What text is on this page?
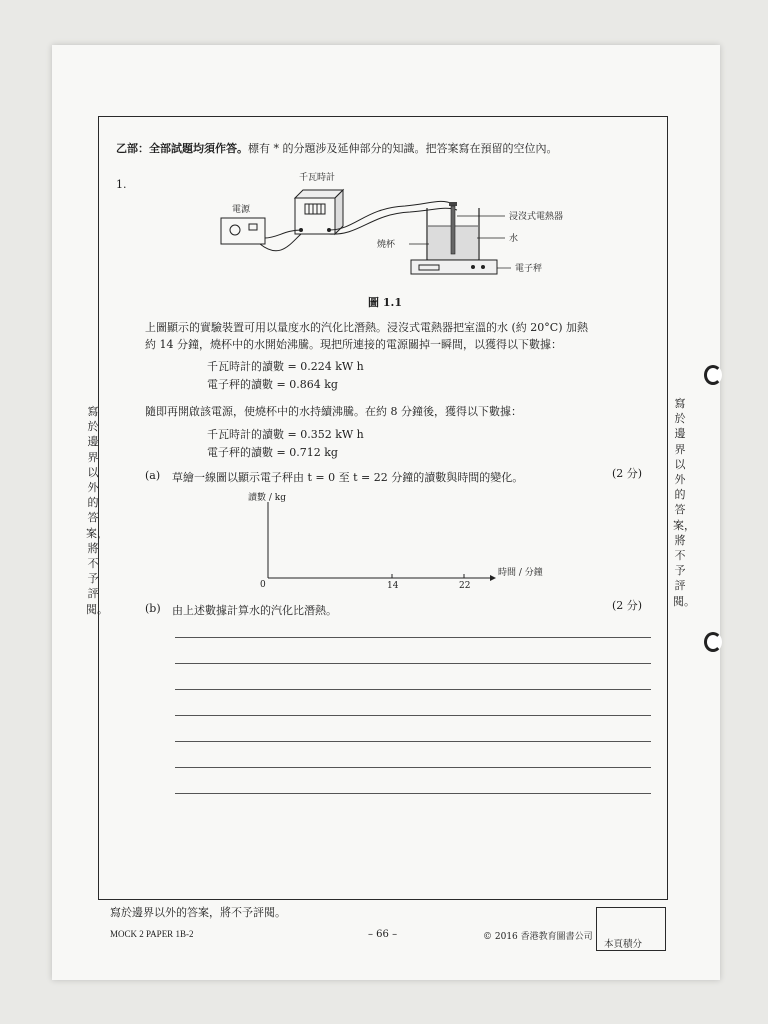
乙部：全部試題均須作答。標有 * 的分題涉及延伸部分的知識。把答案寫在預留的空位內。
1.
電源
千瓦時計
浸沒式電熱器
水
燒杯
電子秤
圖 1.1
上圖顯示的實驗裝置可用以量度水的汽化比潛熱。浸沒式電熱器把室溫的水 (約 20°C) 加熱
約 14 分鐘，燒杯中的水開始沸騰。現把所連接的電源關掉一瞬間，以獲得以下數據：
千瓦時計的讀數 = 0.224 kW h
電子秤的讀數 = 0.864 kg
隨即再開啟該電源，使燒杯中的水持續沸騰。在約 8 分鐘後，獲得以下數據：
千瓦時計的讀數 = 0.352 kW h
電子秤的讀數 = 0.712 kg
(a) 草繪一線圖以顯示電子秤由 t = 0 至 t = 22 分鐘的讀數與時間的變化。	(2 分)
讀數 / kg
時間 / 分鐘
0	14	22
(b) 由上述數據計算水的汽化比潛熱。	(2 分)
寫於邊界以外的答案，將不予評閱。
寫於邊界以外的答案，將不予評閱。
寫於邊界以外的答案，將不予評閱。
MOCK 2 PAPER 1B-2	– 66 –	© 2016 香港教育圖書公司
本頁積分
